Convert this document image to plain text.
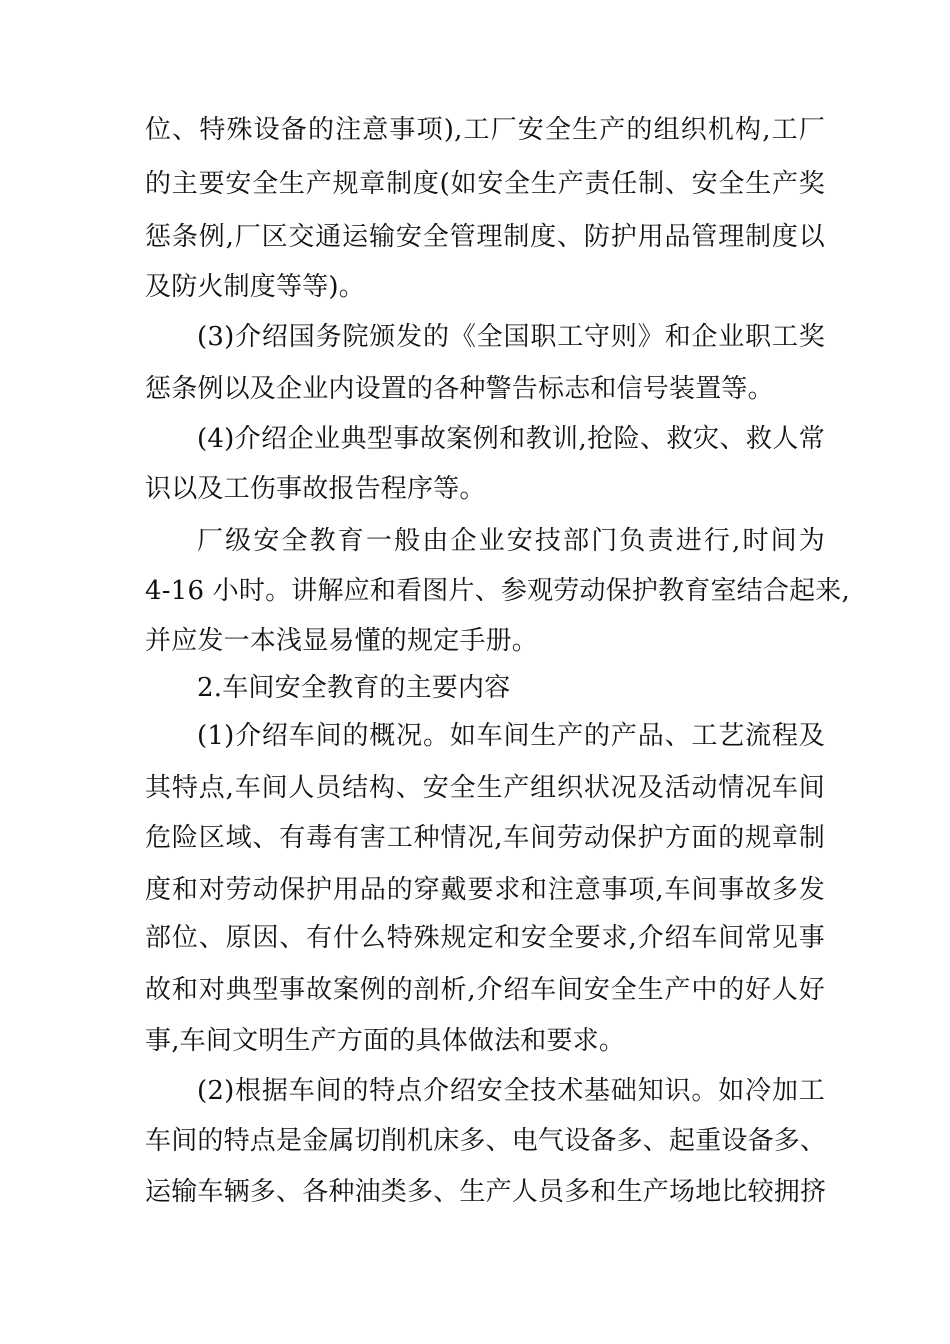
位、特殊设备的注意事项),工厂安全生产的组织机构,工厂
的主要安全生产规章制度(如安全生产责任制、安全生产奖
惩条例,厂区交通运输安全管理制度、防护用品管理制度以
及防火制度等等)。
(3)介绍国务院颁发的《全国职工守则》和企业职工奖
惩条例以及企业内设置的各种警告标志和信号装置等。
(4)介绍企业典型事故案例和教训,抢险、救灾、救人常
识以及工伤事故报告程序等。
厂级安全教育一般由企业安技部门负责进行,时间为
4-16 小时。讲解应和看图片、参观劳动保护教育室结合起来,
并应发一本浅显易懂的规定手册。
2.车间安全教育的主要内容
(1)介绍车间的概况。如车间生产的产品、工艺流程及
其特点,车间人员结构、安全生产组织状况及活动情况车间
危险区域、有毒有害工种情况,车间劳动保护方面的规章制
度和对劳动保护用品的穿戴要求和注意事项,车间事故多发
部位、原因、有什么特殊规定和安全要求,介绍车间常见事
故和对典型事故案例的剖析,介绍车间安全生产中的好人好
事,车间文明生产方面的具体做法和要求。
(2)根据车间的特点介绍安全技术基础知识。如冷加工
车间的特点是金属切削机床多、电气设备多、起重设备多、
运输车辆多、各种油类多、生产人员多和生产场地比较拥挤
